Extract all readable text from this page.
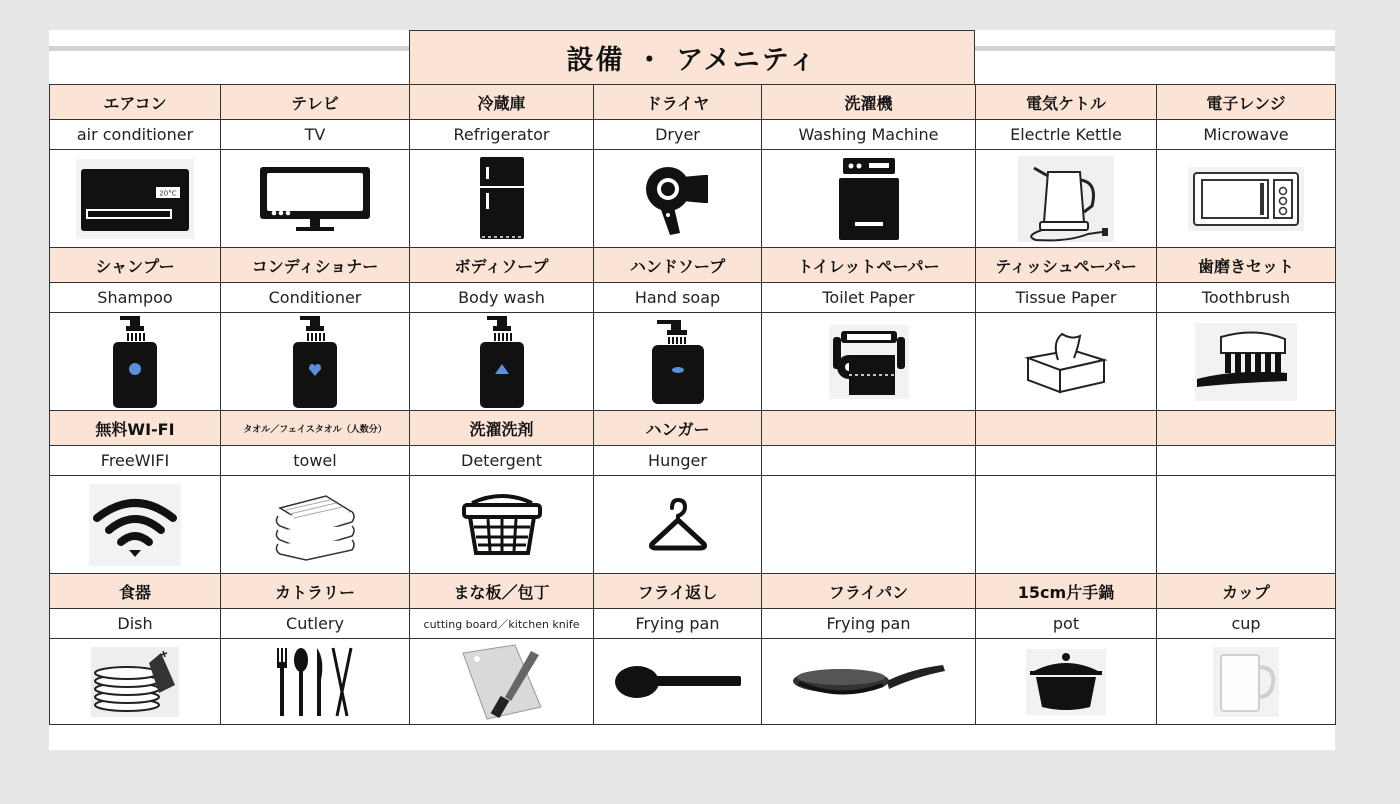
設備 ・ アメニティ
エアコン	テレビ	冷蔵庫	ドライヤ	洗濯機	電気ケトル	電子レンジ
air conditioner	TV	Refrigerator	Dryer	Washing Machine	Electrle Kettle	Microwave

20°C

シャンプー	コンディショナー	ボディソープ	ハンドソープ	トイレットペーパー	ティッシュペーパー	歯磨きセット
Shampoo	Conditioner	Body wash	Hand soap	Toilet Paper	Tissue Paper	Toothbrush

無料WI-FI	タオル／フェイスタオル（人数分）	洗濯洗剤	ハンガー			
FreeWIFI	towel	Detergent	Hunger			

食器	カトラリー	まな板／包丁	フライ返し	フライパン	15cm片手鍋	カップ
Dish	Cutlery	cutting board／kitchen knife	Frying pan	Frying pan	pot	cup
